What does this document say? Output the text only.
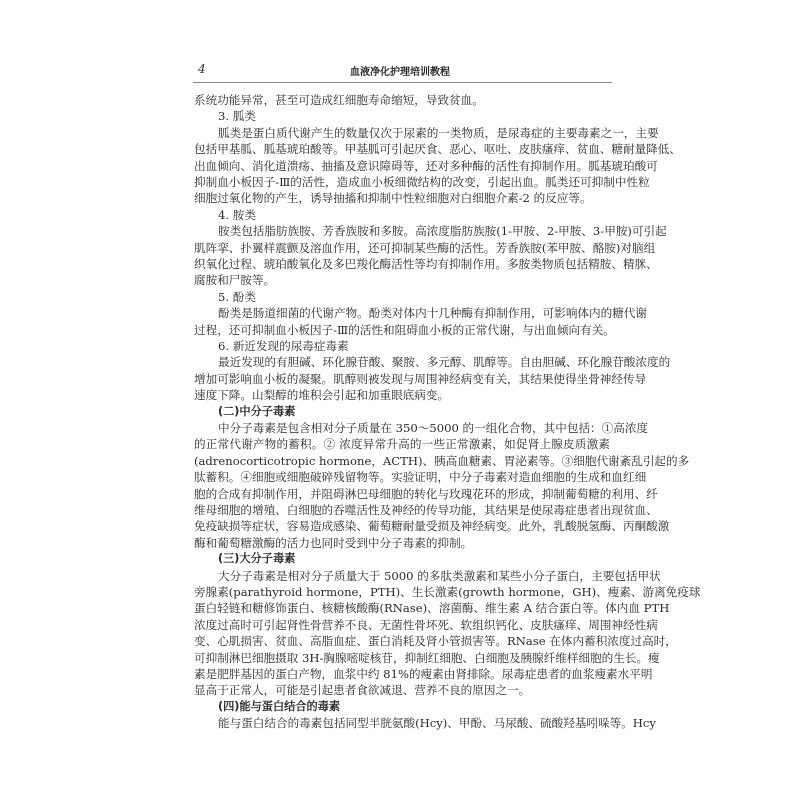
4	血液净化护理培训教程
系统功能异常，甚至可造成红细胞寿命缩短，导致贫血。
3. 胍类
胍类是蛋白质代谢产生的数量仅次于尿素的一类物质，是尿毒症的主要毒素之一，主要
包括甲基胍、胍基琥珀酸等。甲基胍可引起厌食、恶心、呕吐、皮肤瘙痒、贫血、糖耐量降低、
出血倾向、消化道溃疡、抽搐及意识障碍等，还对多种酶的活性有抑制作用。胍基琥珀酸可
抑制血小板因子-Ⅲ的活性，造成血小板细微结构的改变，引起出血。胍类还可抑制中性粒
细胞过氧化物的产生，诱导抽搐和抑制中性粒细胞对白细胞介素-2 的反应等。
4. 胺类
胺类包括脂肪族胺、芳香族胺和多胺。高浓度脂肪族胺(1-甲胺、2-甲胺、3-甲胺)可引起
肌阵挛、扑翼样震颤及溶血作用，还可抑制某些酶的活性。芳香族胺(苯甲胺、酪胺)对脑组
织氧化过程、琥珀酸氧化及多巴羧化酶活性等均有抑制作用。多胺类物质包括精胺、精脒、
腐胺和尸胺等。
5. 酚类
酚类是肠道细菌的代谢产物。酚类对体内十几种酶有抑制作用，可影响体内的糖代谢
过程，还可抑制血小板因子-Ⅲ的活性和阻碍血小板的正常代谢，与出血倾向有关。
6. 新近发现的尿毒症毒素
最近发现的有胆碱、环化腺苷酸、聚胺、多元醇、肌醇等。自由胆碱、环化腺苷酸浓度的
增加可影响血小板的凝聚。肌醇则被发现与周围神经病变有关，其结果使得坐骨神经传导
速度下降。山梨醇的堆积会引起和加重眼底病变。
(二)中分子毒素
中分子毒素是包含相对分子质量在 350～5000 的一组化合物，其中包括：①高浓度
的正常代谢产物的蓄积。② 浓度异常升高的一些正常激素，如促肾上腺皮质激素
(adrenocorticotropic hormone，ACTH)、胰高血糖素、胃泌素等。③细胞代谢紊乱引起的多
肽蓄积。④细胞或细胞破碎残留物等。实验证明，中分子毒素对造血细胞的生成和血红细
胞的合成有抑制作用，并阻碍淋巴母细胞的转化与玫瑰花环的形成，抑制葡萄糖的利用、纤
维母细胞的增殖、白细胞的吞噬活性及神经的传导功能，其结果是使尿毒症患者出现贫血、
免疫缺损等症状，容易造成感染、葡萄糖耐量受损及神经病变。此外，乳酸脱氢酶、丙酮酸激
酶和葡萄糖激酶的活力也同时受到中分子毒素的抑制。
(三)大分子毒素
大分子毒素是相对分子质量大于 5000 的多肽类激素和某些小分子蛋白，主要包括甲状
旁腺素(parathyroid hormone，PTH)、生长激素(growth hormone，GH)、瘦素、游离免疫球
蛋白轻链和糖修饰蛋白、核糖核酸酶(RNase)、溶菌酶、维生素 A 结合蛋白等。体内血 PTH
浓度过高时可引起肾性骨营养不良、无菌性骨坏死、软组织钙化、皮肤瘙痒、周围神经性病
变、心肌损害、贫血、高脂血症、蛋白消耗及肾小管损害等。RNase 在体内蓄积浓度过高时，
可抑制淋巴细胞摄取 3H-胸腺嘧啶核苷，抑制红细胞、白细胞及胰腺纤维样细胞的生长。瘦
素是肥胖基因的蛋白产物，血浆中约 81%的瘦素由肾排除。尿毒症患者的血浆瘦素水平明
显高于正常人，可能是引起患者食欲减退、营养不良的原因之一。
(四)能与蛋白结合的毒素
能与蛋白结合的毒素包括同型半胱氨酸(Hcy)、甲酚、马尿酸、硫酸羟基吲哚等。Hcy
